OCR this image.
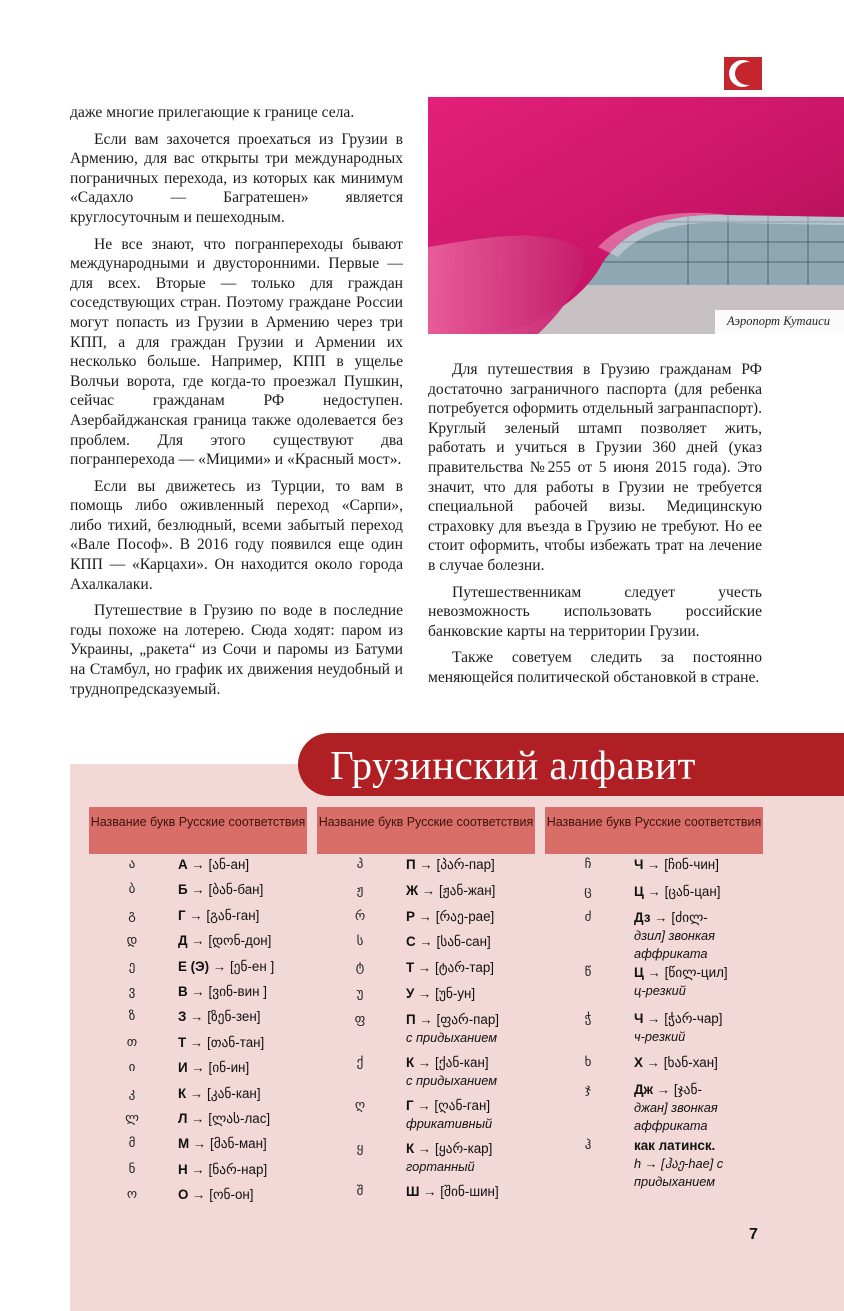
даже многие прилегающие к границе села.

Если вам захочется проехаться из Грузии в Армению, для вас открыты три международных пограничных перехода, из которых как минимум «Садахло — Багратешен» является круглосуточным и пешеходным.

Не все знают, что погранпереходы бывают международными и двусторонними. Первые — для всех. Вторые — только для граждан соседствующих стран. Поэтому граждане России могут попасть из Грузии в Армению через три КПП, а для граждан Грузии и Армении их несколько больше. Например, КПП в ущелье Волчьи ворота, где когда-то проезжал Пушкин, сейчас гражданам РФ недоступен. Азербайджанская граница также одолевается без проблем. Для этого существуют два погранперехода — «Мицими» и «Красный мост».

Если вы движетесь из Турции, то вам в помощь либо оживленный переход «Сарпи», либо тихий, безлюдный, всеми забытый переход «Вале Пософ». В 2016 году появился еще один КПП — «Карцахи». Он находится около города Ахалкалаки.

Путешествие в Грузию по воде в последние годы похоже на лотерею. Сюда ходят: паром из Украины, „ракета“ из Сочи и паромы из Батуми на Стамбул, но график их движения неудобный и труднопредсказуемый.

Аэропорт Кутаиси

Для путешествия в Грузию гражданам РФ достаточно заграничного паспорта (для ребенка потребуется оформить отдельный загранпаспорт). Круглый зеленый штамп позволяет жить, работать и учиться в Грузии 360 дней (указ правительства №255 от 5 июня 2015 года). Это значит, что для работы в Грузии не требуется специальной рабочей визы. Медицинскую страховку для въезда в Грузию не требуют. Но ее стоит оформить, чтобы избежать трат на лечение в случае болезни.

Путешественникам следует учесть невозможность использовать российские банковские карты на территории Грузии.

Также советуем следить за постоянно меняющейся политической обстановкой в стране.

Грузинский алфавит
Название букв Русские соответствия Название букв Русские соответствия Название букв Русские соответствия
ა	А → [ან-ан]
ბ	Б → [ბან-бан]
გ	Г → [გან-ган]
დ	Д → [დონ-дон]
ე	Е (Э) → [ენ-ен ]
ვ	В → [ვინ-вин ]
ზ	З → [ზენ-зен]
თ	Т → [თან-тан]
ი	И → [ინ-ин]
კ	К → [კან-кан]
ლ	Л → [ლას-лас]
მ	М → [მან-ман]
ნ	Н → [ნარ-нар]
ო	О → [ონ-он]
პ	П → [პარ-пар]
ჟ	Ж → [ჟან-жан]
რ	Р → [რაე-рае]
ს	С → [სან-сан]
ტ	Т → [ტარ-тар]
უ	У → [უნ-ун]
ფ	П → [ფარ-пар]
с придыханием
ქ	К → [ქან-кан]
с придыханием
ღ	Г → [ღან-ган]
фрикативный
ყ	К → [ყარ-кар]
гортанный
შ	Ш → [შინ-шин]
ჩ	Ч → [ჩინ-чин]
ც	Ц → [ცან-цан]
ძ	Дз → [ძილ-
дзил] звонкая аффриката
წ	Ц → [წილ-цил]
ц-резкий
ჭ	Ч → [ჭარ-чар]
ч-резкий
ხ	Х → [ხან-хан]
ჯ	Дж → [ჯან-
джан] звонкая аффриката
ჰ	как латинск.
h → [ჰაე-hae] с придыханием
7
